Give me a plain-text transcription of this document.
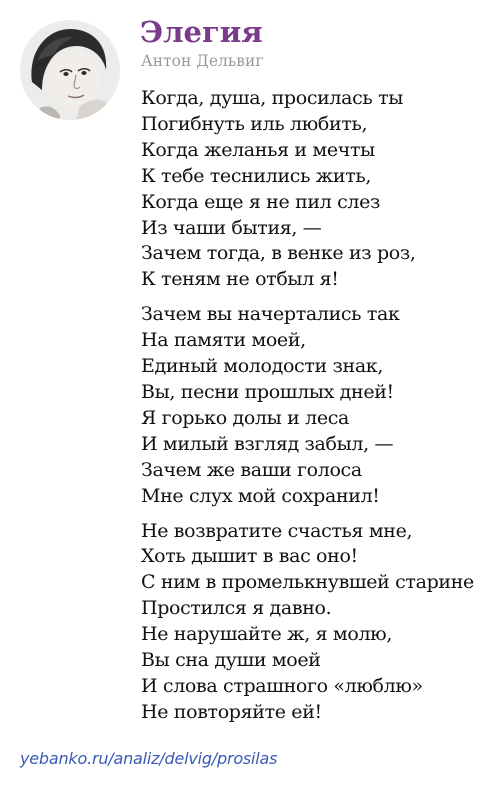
Элегия
Антон Дельвиг
Когда, душа, просилась ты
Погибнуть иль любить,
Когда желанья и мечты
К тебе теснились жить,
Когда еще я не пил слез
Из чаши бытия, —
Зачем тогда, в венке из роз,
К теням не отбыл я!
Зачем вы начертались так
На памяти моей,
Единый молодости знак,
Вы, песни прошлых дней!
Я горько долы и леса
И милый взгляд забыл, —
Зачем же ваши голоса
Мне слух мой сохранил!
Не возвратите счастья мне,
Хоть дышит в вас оно!
С ним в промелькнувшей старине
Простился я давно.
Не нарушайте ж, я молю,
Вы сна души моей
И слова страшного «люблю»
Не повторяйте ей!
yebanko.ru/analiz/delvig/prosilas
